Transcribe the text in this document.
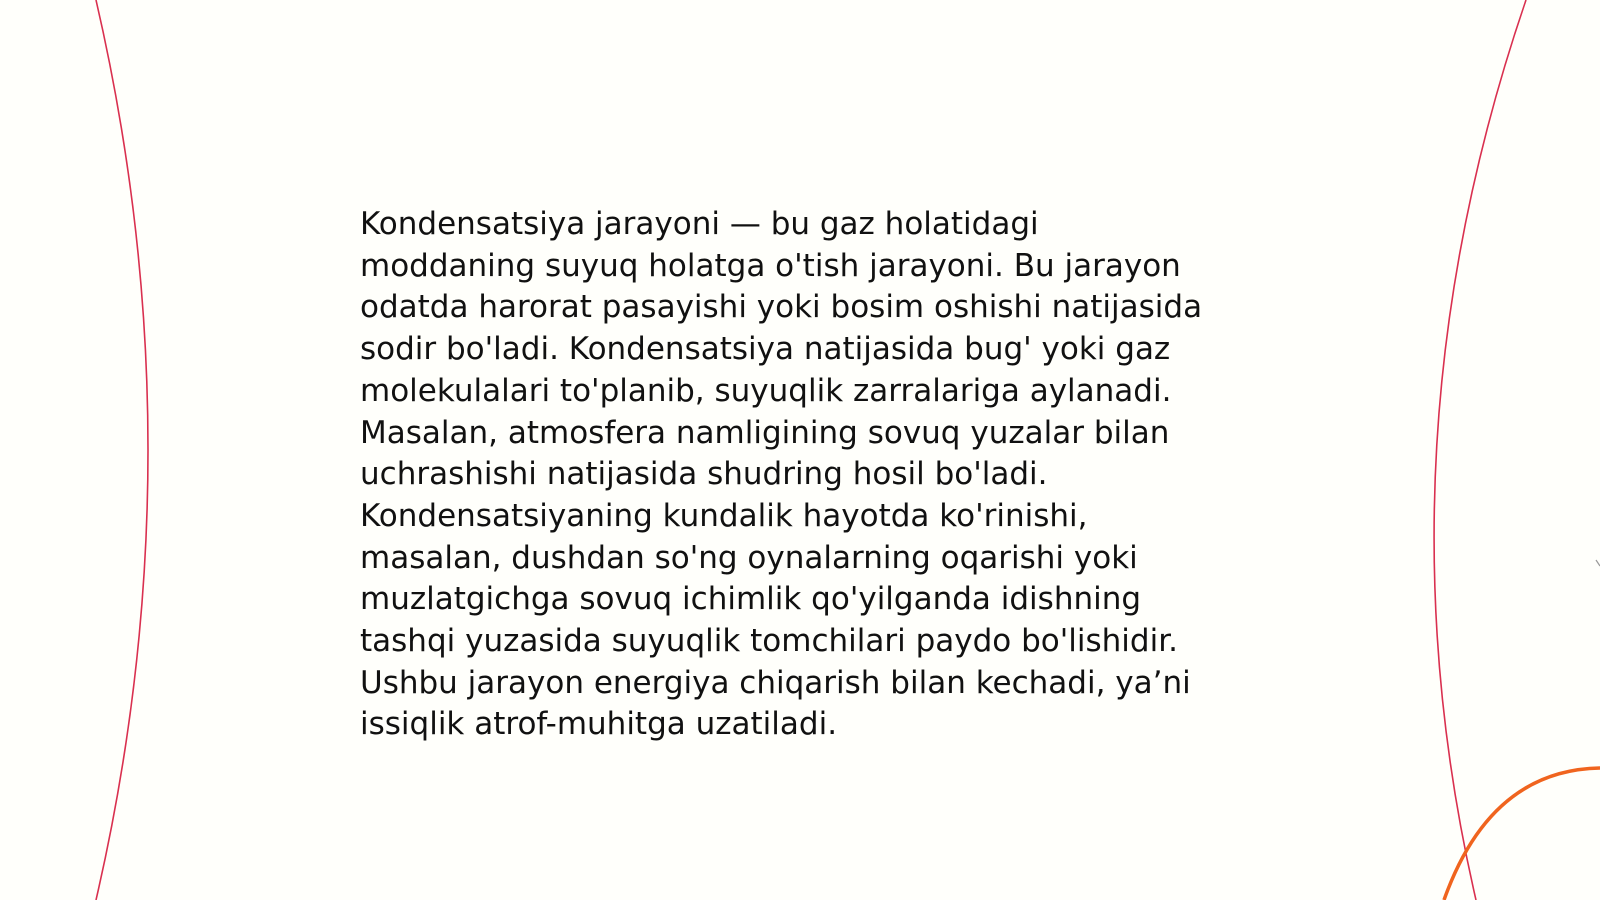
Kondensatsiya jarayoni — bu gaz holatidagi
moddaning suyuq holatga o'tish jarayoni. Bu jarayon
odatda harorat pasayishi yoki bosim oshishi natijasida
sodir bo'ladi. Kondensatsiya natijasida bug' yoki gaz
molekulalari to'planib, suyuqlik zarralariga aylanadi.
Masalan, atmosfera namligining sovuq yuzalar bilan
uchrashishi natijasida shudring hosil bo'ladi.
Kondensatsiyaning kundalik hayotda ko'rinishi,
masalan, dushdan so'ng oynalarning oqarishi yoki
muzlatgichga sovuq ichimlik qo'yilganda idishning
tashqi yuzasida suyuqlik tomchilari paydo bo'lishidir.
Ushbu jarayon energiya chiqarish bilan kechadi, ya’ni
issiqlik atrof-muhitga uzatiladi.
